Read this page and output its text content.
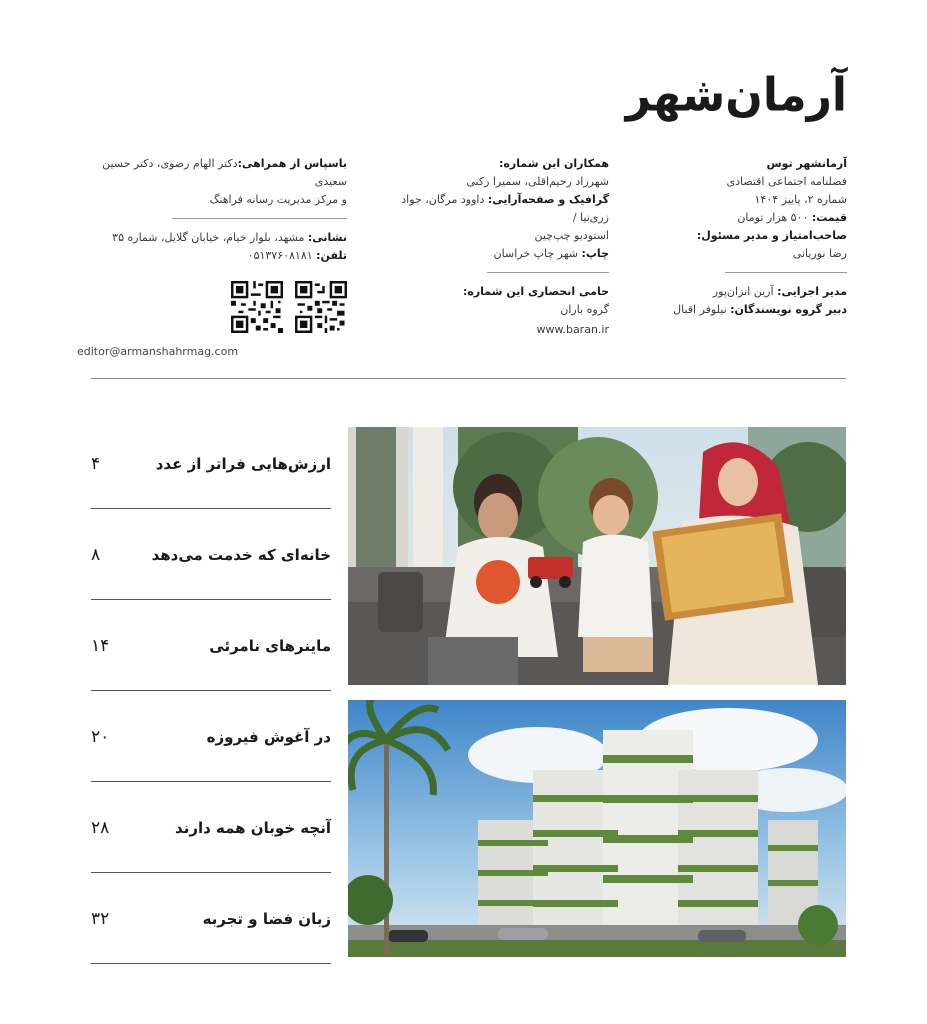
آرمان‌شهر
آرمانشهر توس
فصلنامه اجتماعی اقتصادی
شماره ۲، پاییز ۱۴۰۴
قیمت: ۵۰۰ هزار تومان
صاحب‌امتیاز و مدیر مسئول:
رضا نوریانی
مدیر اجرایی: آرین انزان‌پور
دبیر گروه نویسندگان: نیلوفر اقبال
همکاران این شماره:
شهرزاد رحیم‌اقلی، سمیرا رکنی
گرافیک و صفحه‌آرایی: داوود مرگان، جواد زری‌نیا /
استودیو چپ‌چین
چاپ: شهر چاپ خراسان
حامی انحصاری این شماره:
گروه باران
www.baran.ir
باسپاس از همراهی:دکتر الهام رضوی، دکتر حسین سعیدی
و مرکز مدیریت رسانه فراهنگ
نشانی: مشهد، بلوار خیام، خیابان گلایل، شماره ۳۵
تلفن: ۰۵۱۳۷۶۰۸۱۸۱
editor@armanshahrmag.com
ارزش‌هایی فراتر از عدد
۴
خانه‌ای که خدمت می‌دهد
۸
ماینرهای نامرئی
۱۴
در آغوش فیروزه
۲۰
آنچه خوبان همه دارند
۲۸
زبان فضا و تجربه
۳۲
